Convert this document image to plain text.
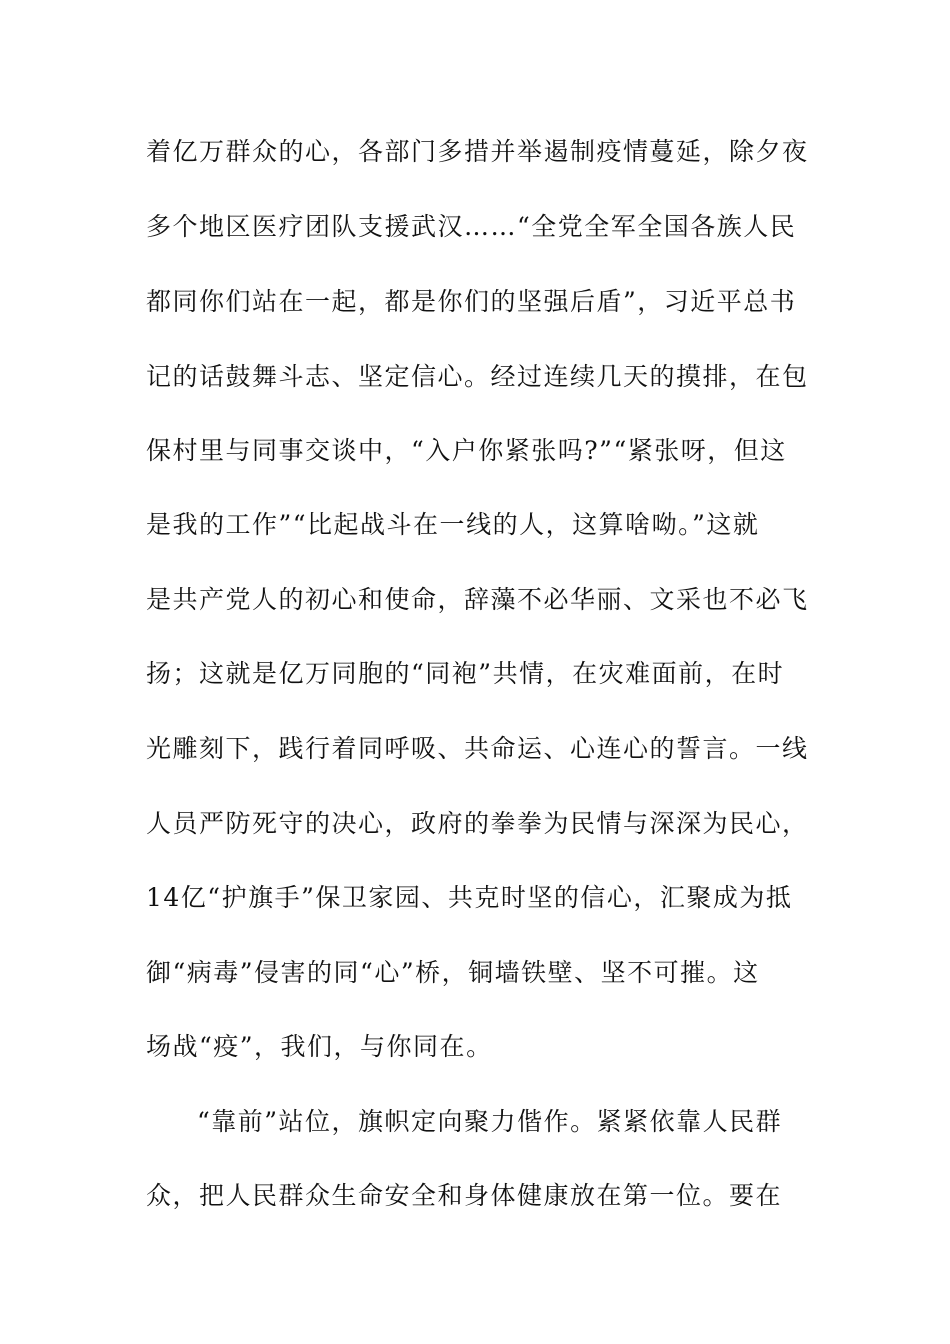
着亿万群众的心，各部门多措并举遏制疫情蔓延，除夕夜
多个地区医疗团队支援武汉……“全党全军全国各族人民
都同你们站在一起，都是你们的坚强后盾”，习近平总书
记的话鼓舞斗志、坚定信心。经过连续几天的摸排，在包
保村里与同事交谈中，“入户你紧张吗?”“紧张呀，但这
是我的工作”“比起战斗在一线的人，这算啥呦。”这就
是共产党人的初心和使命，辞藻不必华丽、文采也不必飞
扬；这就是亿万同胞的“同袍”共情，在灾难面前，在时
光雕刻下，践行着同呼吸、共命运、心连心的誓言。一线
人员严防死守的决心，政府的拳拳为民情与深深为民心，
14亿“护旗手”保卫家园、共克时坚的信心，汇聚成为抵
御“病毒”侵害的同“心”桥，铜墙铁壁、坚不可摧。这
场战“疫”，我们，与你同在。
“靠前”站位，旗帜定向聚力偕作。紧紧依靠人民群
众，把人民群众生命安全和身体健康放在第一位。要在
